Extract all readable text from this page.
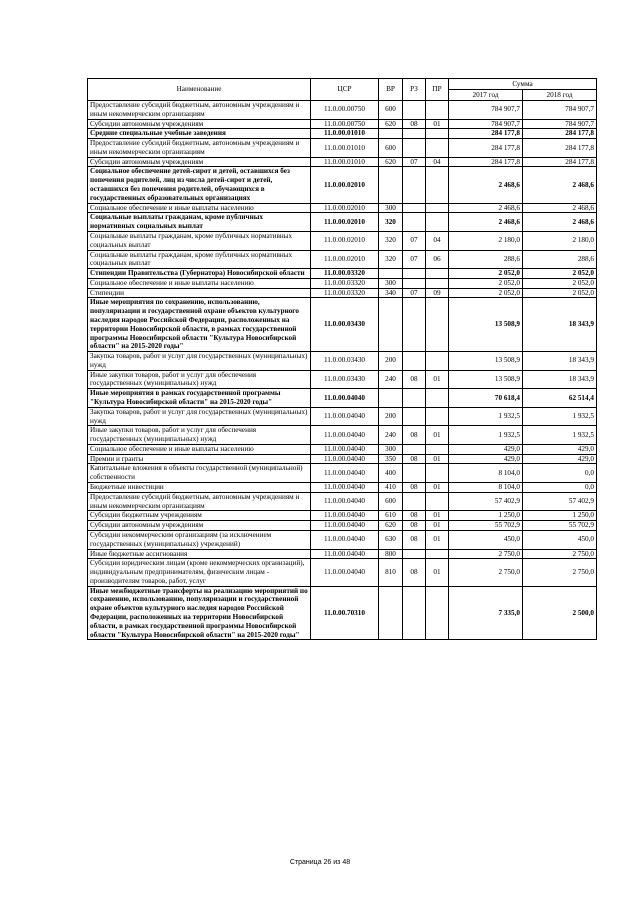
Наименование	ЦСР	ВР	РЗ	ПР	Сумма	
					2017 год	2018 год
Предоставление субсидий бюджетным, автономным учреждениям и иным некоммерческим организациям	11.0.00.00750	600			784 907,7	784 907,7
Субсидии автономным учреждениям	11.0.00.00750	620	08	01	784 907,7	784 907,7
Средние специальные учебные заведения	11.0.00.01010				284 177,8	284 177,8
Предоставление субсидий бюджетным, автономным учреждениям и иным некоммерческим организациям	11.0.00.01010	600			284 177,8	284 177,8
Субсидии автономным учреждениям	11.0.00.01010	620	07	04	284 177,8	284 177,8
Социальное обеспечение детей-сирот и детей, оставшихся без попечения родителей, лиц из числа детей-сирот и детей, оставшихся без попечения родителей, обучающихся в государственных образовательных организациях	11.0.00.02010				2 468,6	2 468,6
Социальное обеспечение и иные выплаты населению	11.0.00.02010	300			2 468,6	2 468,6
Социальные выплаты гражданам, кроме публичных нормативных социальных выплат	11.0.00.02010	320			2 468,6	2 468,6
Социальные выплаты гражданам, кроме публичных нормативных социальных выплат	11.0.00.02010	320	07	04	2 180,0	2 180,0
Социальные выплаты гражданам, кроме публичных нормативных социальных выплат	11.0.00.02010	320	07	06	288,6	288,6
Стипендии Правительства (Губернатора) Новосибирской области	11.0.00.03320				2 052,0	2 052,0
Социальное обеспечение и иные выплаты населению	11.0.00.03320	300			2 052,0	2 052,0
Стипендии	11.0.00.03320	340	07	09	2 052,0	2 052,0
Иные мероприятия по сохранению, использованию, популяризации и государственной охране объектов культурного наследия народов Российской Федерации, расположенных на территории Новосибирской области, в рамках государственной программы Новосибирской области "Культура Новосибирской области" на 2015-2020 годы"	11.0.00.03430				13 508,9	18 343,9
Закупка товаров, работ и услуг для государственных (муниципальных) нужд	11.0.00.03430	200			13 508,9	18 343,9
Иные закупки товаров, работ и услуг для обеспечения государственных (муниципальных) нужд	11.0.00.03430	240	08	01	13 508,9	18 343,9
Иные мероприятия в рамках государственной программы "Культура Новосибирской области" на 2015-2020 годы"	11.0.00.04040				70 618,4	62 514,4
Закупка товаров, работ и услуг для государственных (муниципальных) нужд	11.0.00.04040	200			1 932,5	1 932,5
Иные закупки товаров, работ и услуг для обеспечения государственных (муниципальных) нужд	11.0.00.04040	240	08	01	1 932,5	1 932,5
Социальное обеспечение и иные выплаты населению	11.0.00.04040	300			429,0	429,0
Премии и гранты	11.0.00.04040	350	08	01	429,0	429,0
Капитальные вложения в объекты государственной (муниципальной) собственности	11.0.00.04040	400			8 104,0	0,0
Бюджетные инвестиции	11.0.00.04040	410	08	01	8 104,0	0,0
Предоставление субсидий бюджетным, автономным учреждениям и иным некоммерческим организациям	11.0.00.04040	600			57 402,9	57 402,9
Субсидии бюджетным учреждениям	11.0.00.04040	610	08	01	1 250,0	1 250,0
Субсидии автономным учреждениям	11.0.00.04040	620	08	01	55 702,9	55 702,9
Субсидии некоммерческим организациям (за исключением государственных (муниципальных) учреждений)	11.0.00.04040	630	08	01	450,0	450,0
Иные бюджетные ассигнования	11.0.00.04040	800			2 750,0	2 750,0
Субсидии юридическим лицам (кроме некоммерческих организаций), индивидуальным предпринимателям, физическим лицам - производителям товаров, работ, услуг	11.0.00.04040	810	08	01	2 750,0	2 750,0
Иные межбюджетные трансферты на реализацию мероприятий по сохранению, использованию, популяризации и государственной охране объектов культурного наследия народов Российской Федерации, расположенных на территории Новосибирской области, в рамках государственной программы Новосибирской области "Культура Новосибирской области" на 2015-2020 годы"	11.0.00.70310				7 335,0	2 500,0
Страница 26 из 48
